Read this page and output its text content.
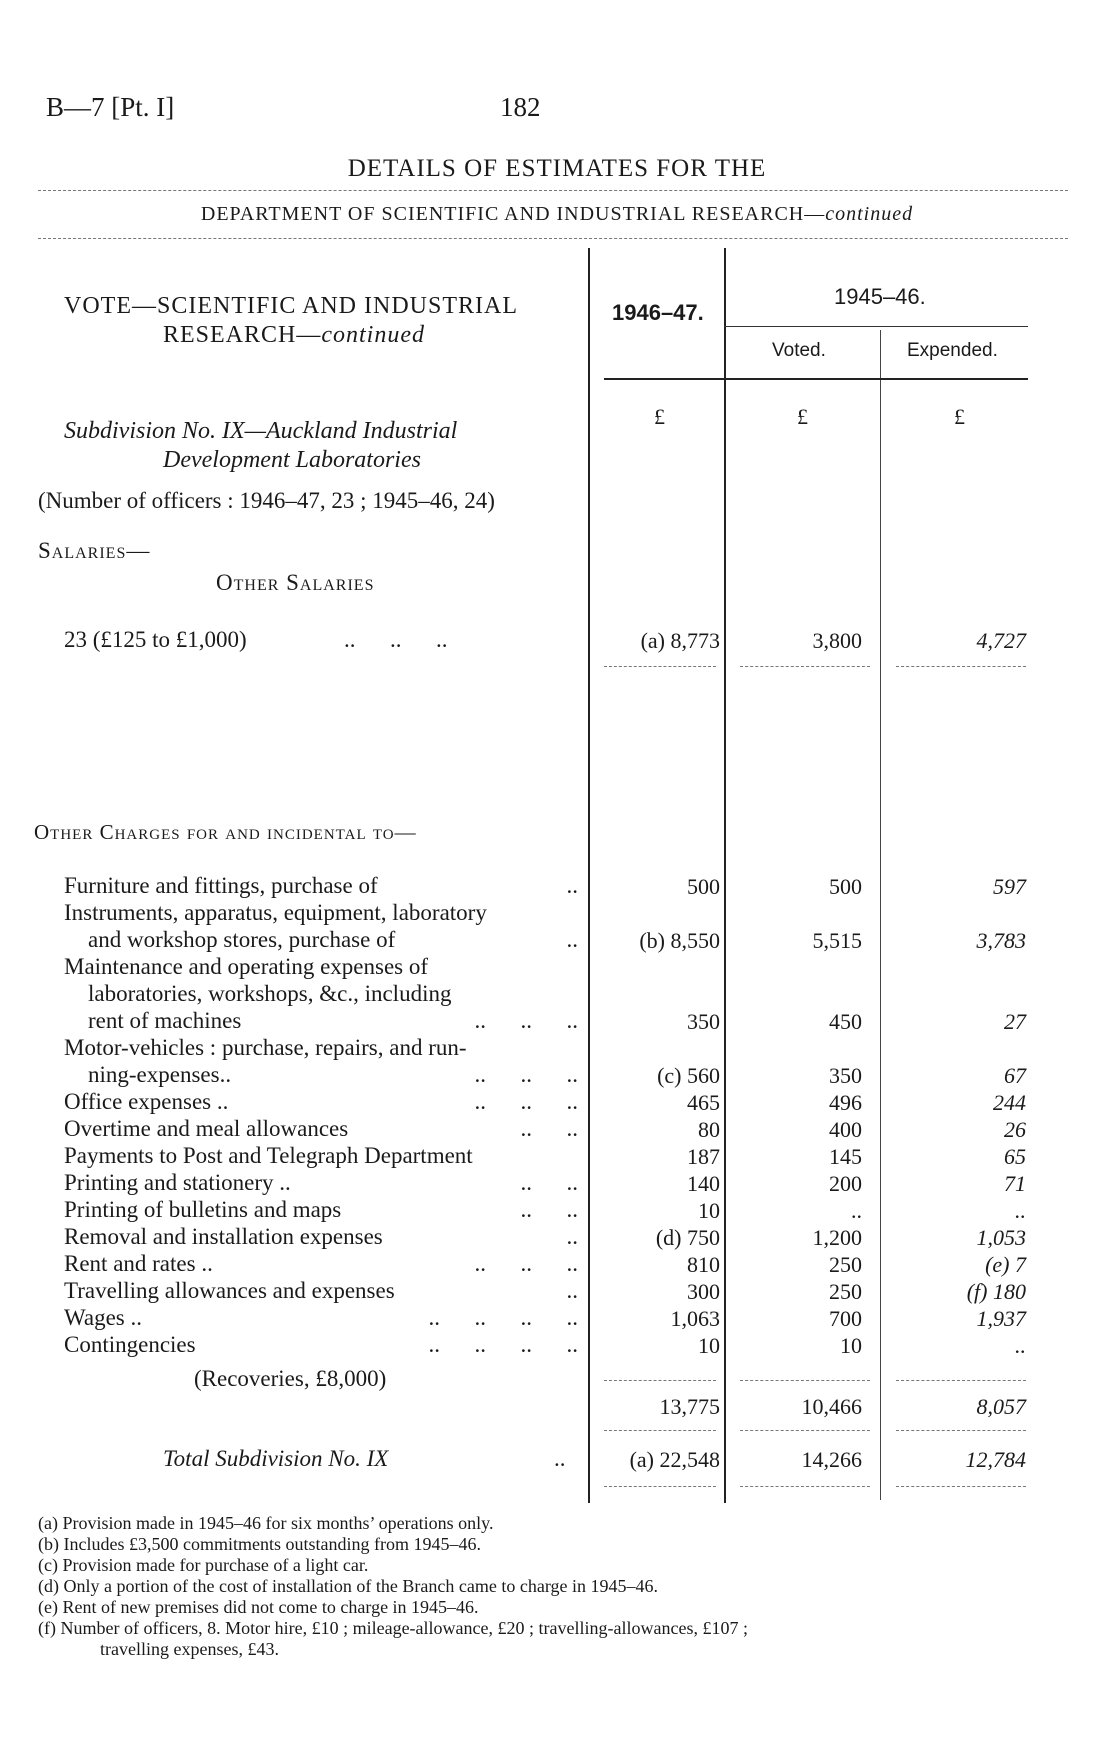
B—7 [Pt. I]	182
DETAILS OF ESTIMATES FOR THE
DEPARTMENT OF SCIENTIFIC AND INDUSTRIAL RESEARCH—continued
VOTE—SCIENTIFIC AND INDUSTRIAL
RESEARCH—continued
1946–47.
1945–46.
Voted.	Expended.
£	£	£
Subdivision No. IX—Auckland Industrial
Development Laboratories
(Number of officers : 1946–47, 23 ; 1945–46, 24)
Salaries—
Other Salaries
23 (£125 to £1,000)	..      ..      ..	(a) 8,773	3,800	4,727
Other Charges for and incidental to—
Furniture and fittings, purchase of	..	500	500	597
Instruments, apparatus, equipment, laboratory
and workshop stores, purchase of	..	(b) 8,550	5,515	3,783
Maintenance and operating expenses of
laboratories, workshops, &c., including
rent of machines	..      ..      ..	350	450	27
Motor-vehicles : purchase, repairs, and run-
ning-expenses..	..      ..      ..	(c) 560	350	67
Office expenses ..	..      ..      ..	465	496	244
Overtime and meal allowances	..      ..	80	400	26
Payments to Post and Telegraph Department	187	145	65
Printing and stationery ..	..      ..	140	200	71
Printing of bulletins and maps	..      ..	10	..	..
Removal and installation expenses	..	(d) 750	1,200	1,053
Rent and rates ..	..      ..      ..	810	250	(e) 7
Travelling allowances and expenses	..	300	250	(f) 180
Wages ..	..      ..      ..      ..	1,063	700	1,937
Contingencies	..      ..      ..      ..	10	10	..
(Recoveries, £8,000)
13,775	10,466	8,057
Total Subdivision No. IX	..	(a) 22,548	14,266	12,784
(a) Provision made in 1945–46 for six months’ operations only.
(b) Includes £3,500 commitments outstanding from 1945–46.
(c) Provision made for purchase of a light car.
(d) Only a portion of the cost of installation of the Branch came to charge in 1945–46.
(e) Rent of new premises did not come to charge in 1945–46.
(f) Number of officers, 8. Motor hire, £10 ; mileage-allowance, £20 ; travelling-allowances, £107 ;
travelling expenses, £43.
